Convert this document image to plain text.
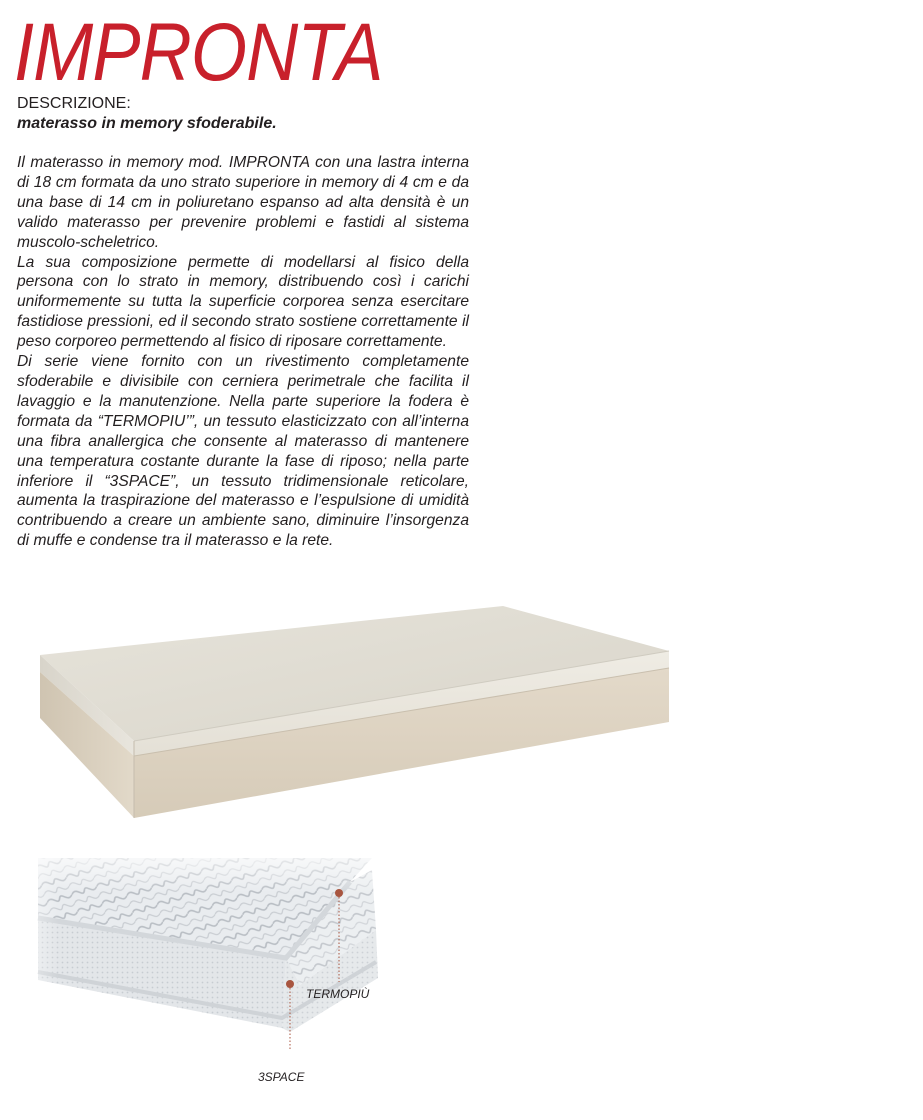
IMPRONTA
DESCRIZIONE:
materasso in memory sfoderabile.

Il materasso in memory mod. IMPRONTA con una lastra interna di 18 cm formata da uno strato superiore in memory di 4 cm e da una base di 14 cm in poliuretano espanso ad alta densità è un valido materasso per prevenire problemi e fastidi al sistema muscolo-scheletrico.

La sua composizione permette di modellarsi al fisico della persona con lo strato in memory, distribuendo così i carichi uniformemente su tutta la superficie corporea senza esercitare fastidiose pressioni, ed il secondo strato sostiene correttamente il peso corporeo permettendo al fisico di riposare correttamente.

Di serie viene fornito con un rivestimento completamente sfoderabile e divisibile con cerniera perimetrale che facilita il lavaggio e la manutenzione. Nella parte superiore la fodera è formata da “TERMOPIU’”, un tessuto elasticizzato con all’interna una fibra anallergica che consente al materasso di mantenere una temperatura costante durante la fase di riposo; nella parte inferiore il “3SPACE”, un tessuto tridimensionale reticolare, aumenta la traspirazione del materasso e l’espulsione di umidità contribuendo a creare un ambiente sano, diminuire l’insorgenza di muffe e condense tra il materasso e la rete.

TERMOPIÙ
3SPACE
